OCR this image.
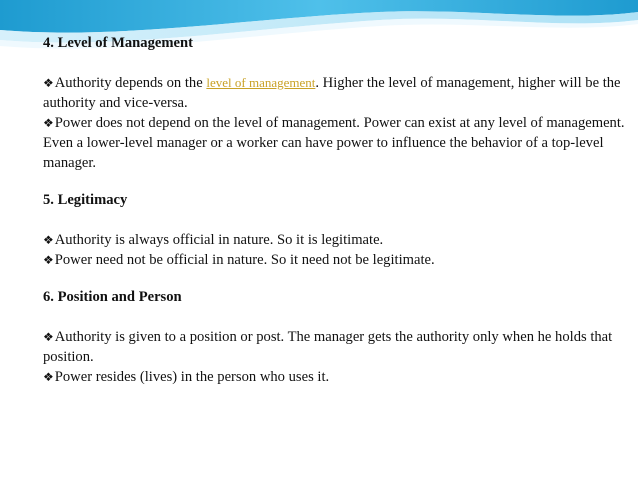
4. Level of Management

❖Authority depends on the level of management. Higher the level of management, higher will be the authority and vice-versa.

❖Power does not depend on the level of management. Power can exist at any level of management. Even a lower-level manager or a worker can have power to influence the behavior of a top-level manager.

5. Legitimacy

❖Authority is always official in nature. So it is legitimate.

❖Power need not be official in nature. So it need not be legitimate.

6. Position and Person

❖Authority is given to a position or post. The manager gets the authority only when he holds that position.

❖Power resides (lives) in the person who uses it.
